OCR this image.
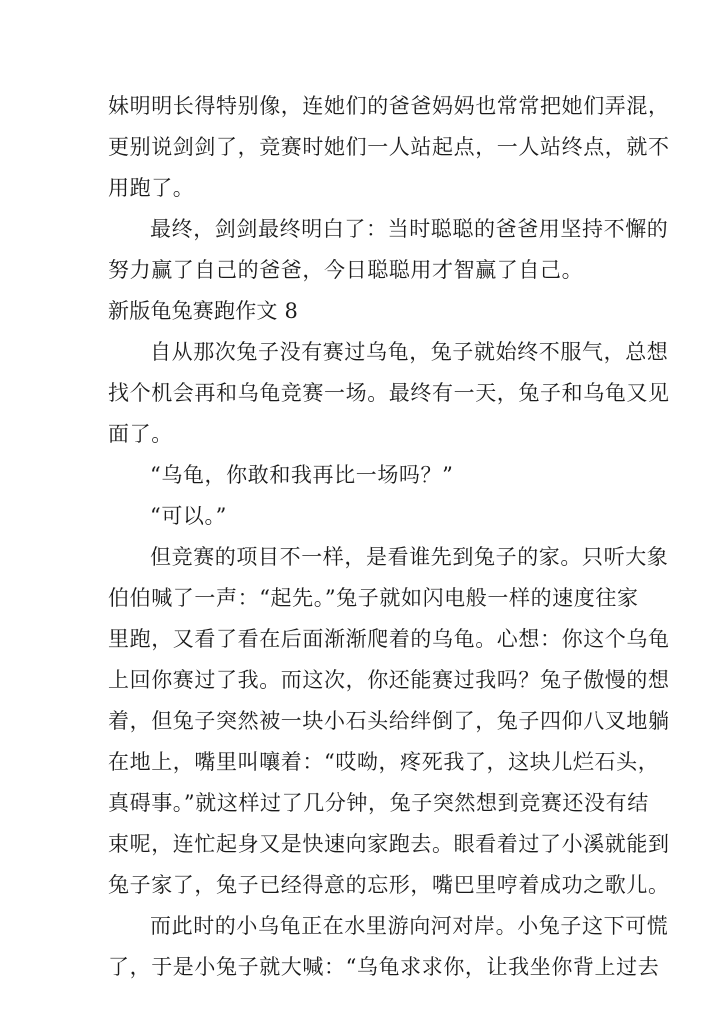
妹明明长得特别像，连她们的爸爸妈妈也常常把她们弄混，
更别说剑剑了，竞赛时她们一人站起点，一人站终点，就不
用跑了。
最终，剑剑最终明白了：当时聪聪的爸爸用坚持不懈的
努力赢了自己的爸爸，今日聪聪用才智赢了自己。
新版龟兔赛跑作文 8
自从那次兔子没有赛过乌龟，兔子就始终不服气，总想
找个机会再和乌龟竞赛一场。最终有一天，兔子和乌龟又见
面了。
“乌龟，你敢和我再比一场吗？”
“可以。”
但竞赛的项目不一样，是看谁先到兔子的家。只听大象
伯伯喊了一声：“起先。”兔子就如闪电般一样的速度往家
里跑，又看了看在后面渐渐爬着的乌龟。心想：你这个乌龟
上回你赛过了我。而这次，你还能赛过我吗？兔子傲慢的想
着，但兔子突然被一块小石头给绊倒了，兔子四仰八叉地躺
在地上，嘴里叫嚷着：“哎呦，疼死我了，这块儿烂石头，
真碍事。”就这样过了几分钟，兔子突然想到竞赛还没有结
束呢，连忙起身又是快速向家跑去。眼看着过了小溪就能到
兔子家了，兔子已经得意的忘形，嘴巴里哼着成功之歌儿。
而此时的小乌龟正在水里游向河对岸。小兔子这下可慌
了，于是小兔子就大喊：“乌龟求求你，让我坐你背上过去
